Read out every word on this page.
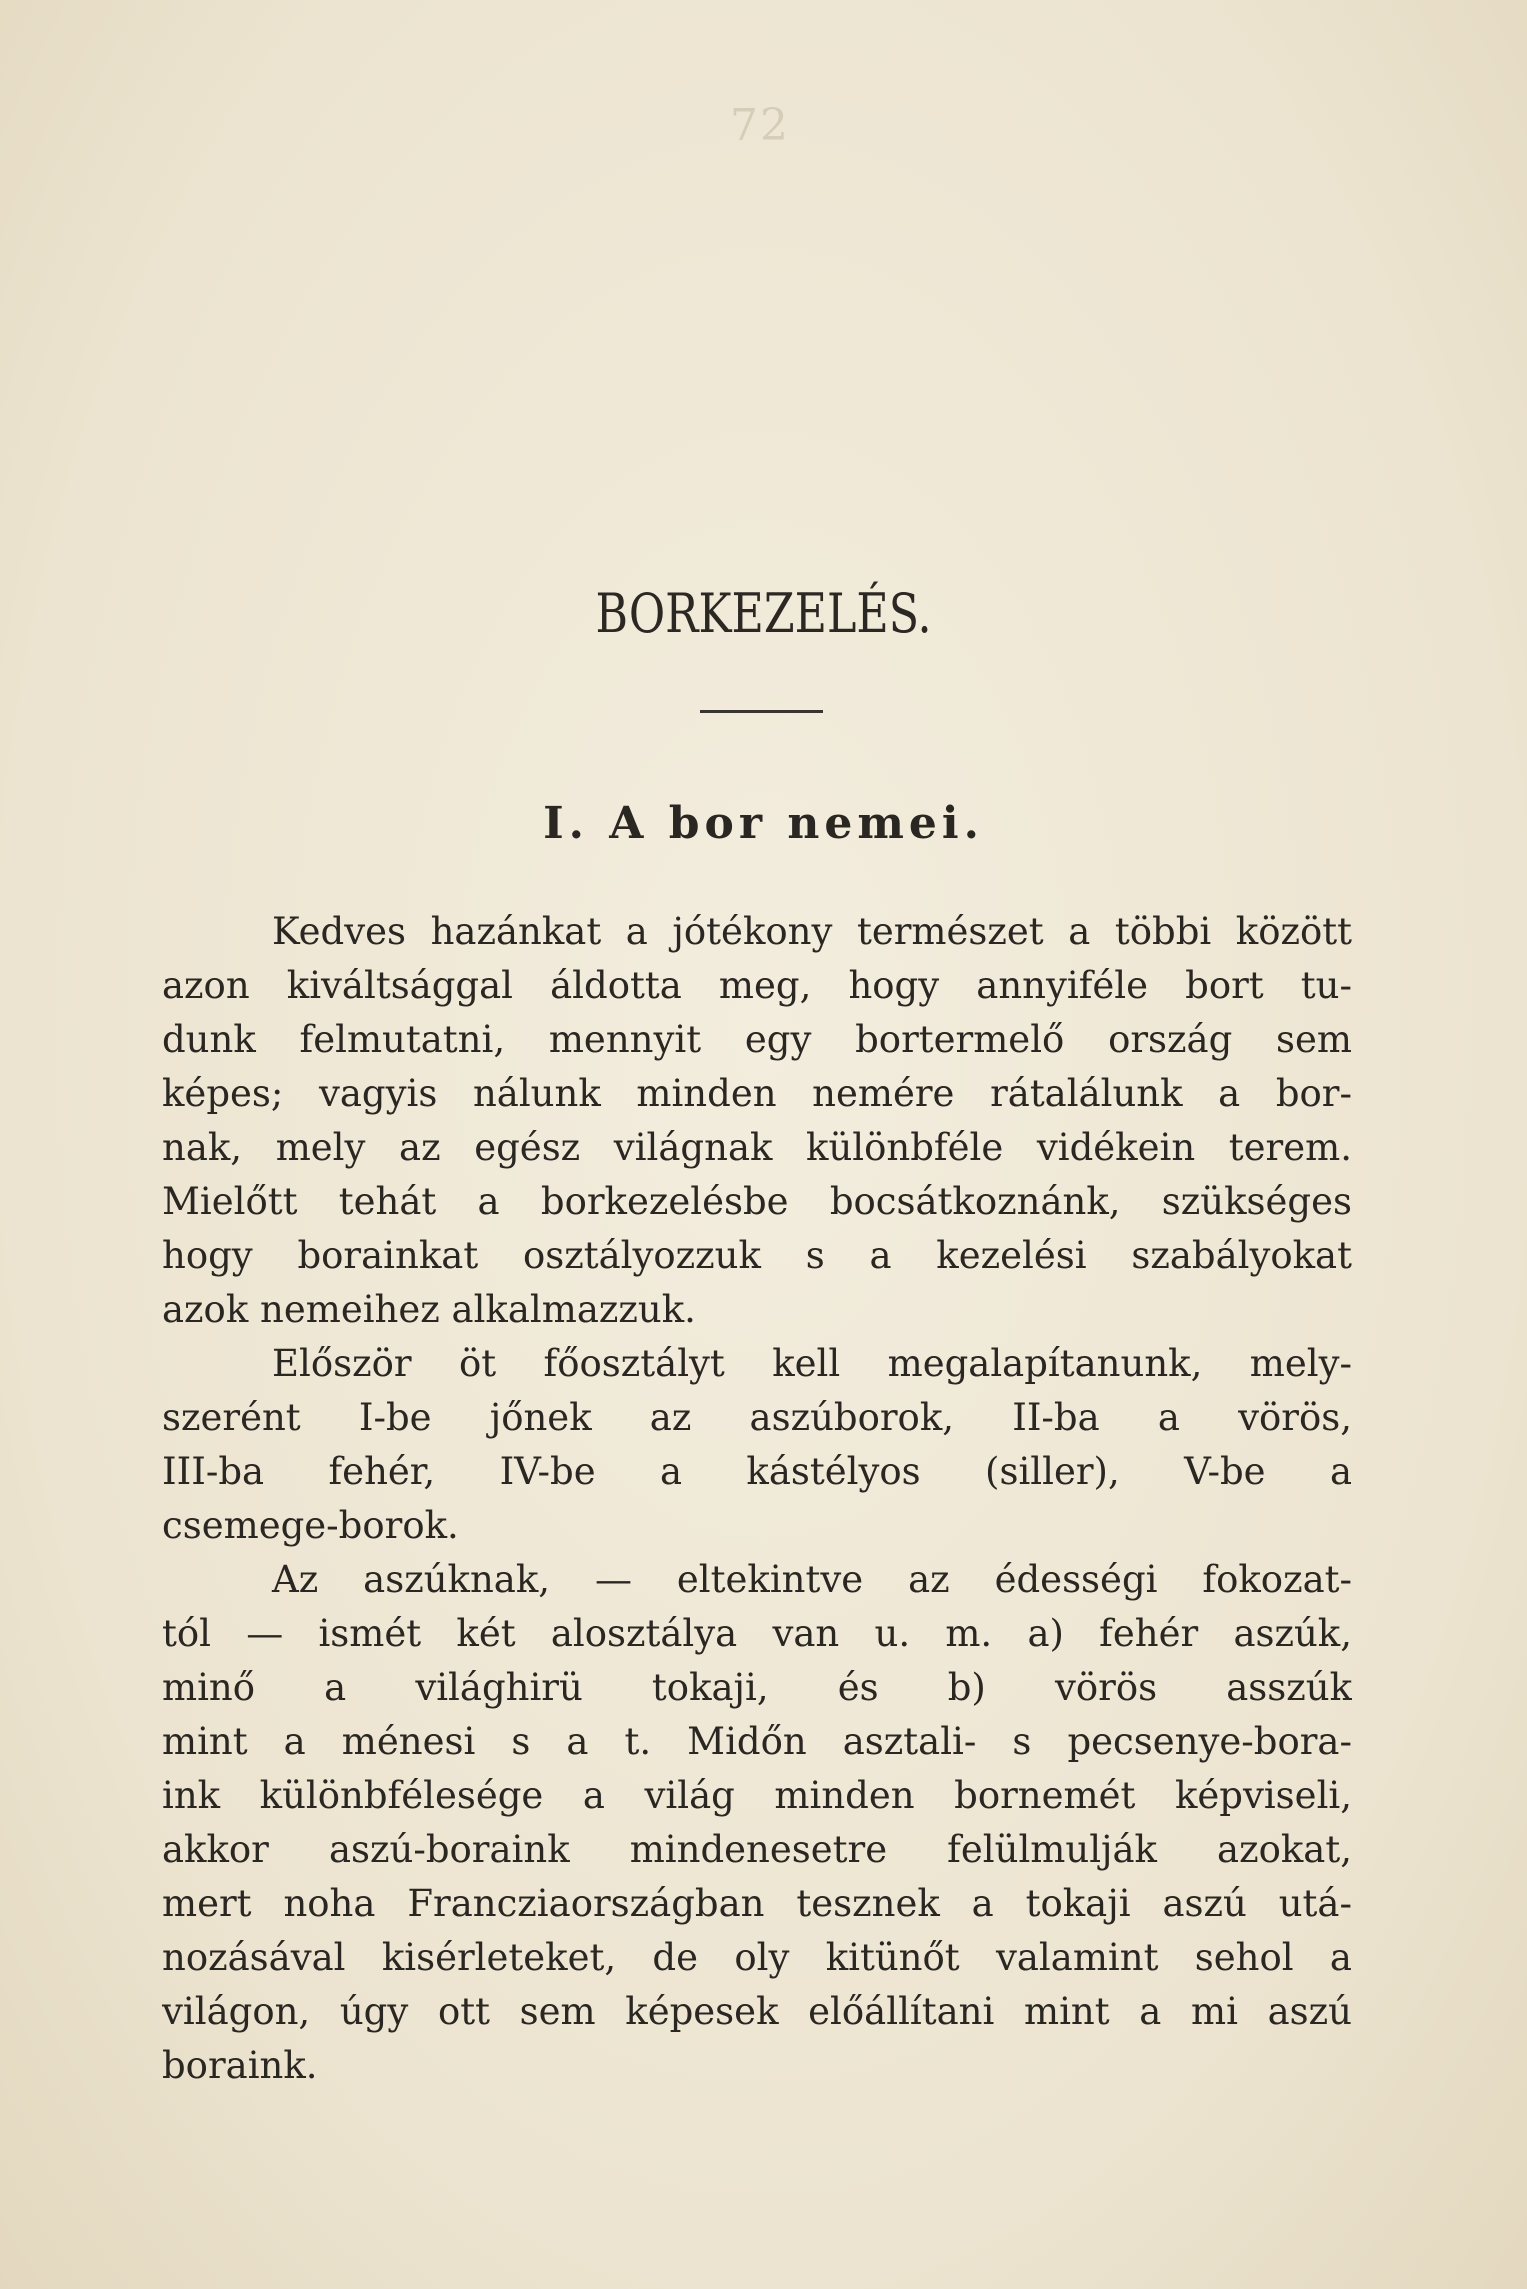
72
BORKEZELÉS.
I. A bor nemei.
Kedves hazánkat a jótékony természet a többi között
azon kiváltsággal áldotta meg, hogy annyiféle bort tu-
dunk felmutatni, mennyit egy bortermelő ország sem
képes; vagyis nálunk minden nemére rátalálunk a bor-
nak, mely az egész világnak különbféle vidékein terem.
Mielőtt tehát a borkezelésbe bocsátkoznánk, szükséges
hogy borainkat osztályozzuk s a kezelési szabályokat
azok nemeihez alkalmazzuk.
Először öt főosztályt kell megalapítanunk, mely-
szerént I-be jőnek az aszúborok, II-ba a vörös,
III-ba fehér, IV-be a kástélyos (siller), V-be a
csemege-borok.
Az aszúknak, — eltekintve az édességi fokozat-
tól — ismét két alosztálya van u. m. a) fehér aszúk,
minő a világhirü tokaji, és b) vörös asszúk
mint a ménesi s a t. Midőn asztali- s pecsenye-bora-
ink különbfélesége a világ minden bornemét képviseli,
akkor aszú-boraink mindenesetre felülmulják azokat,
mert noha Francziaországban tesznek a tokaji aszú utá-
nozásával kisérleteket, de oly kitünőt valamint sehol a
világon, úgy ott sem képesek előállítani mint a mi aszú
boraink.
